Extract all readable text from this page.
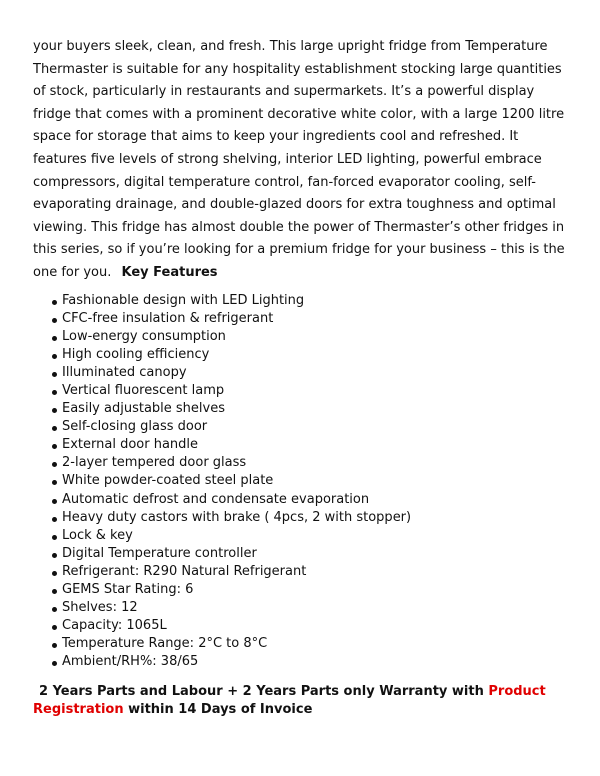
your buyers sleek, clean, and fresh. This large upright fridge from Temperature Thermaster is suitable for any hospitality establishment stocking large quantities of stock, particularly in restaurants and supermarkets. It’s a powerful display fridge that comes with a prominent decorative white color, with a large 1200 litre space for storage that aims to keep your ingredients cool and refreshed. It features five levels of strong shelving, interior LED lighting, powerful embrace compressors, digital temperature control, fan-forced evaporator cooling, self-evaporating drainage, and double-glazed doors for extra toughness and optimal viewing. This fridge has almost double the power of Thermaster’s other fridges in this series, so if you’re looking for a premium fridge for your business – this is the one for you. Key Features

Fashionable design with LED Lighting
CFC-free insulation & refrigerant
Low-energy consumption
High cooling efficiency
Illuminated canopy
Vertical fluorescent lamp
Easily adjustable shelves
Self-closing glass door
External door handle
2-layer tempered door glass
White powder-coated steel plate
Automatic defrost and condensate evaporation
Heavy duty castors with brake ( 4pcs, 2 with stopper)
Lock & key
Digital Temperature controller
Refrigerant: R290 Natural Refrigerant
GEMS Star Rating: 6
Shelves: 12
Capacity: 1065L
Temperature Range: 2°C to 8°C
Ambient/RH%: 38/65

2 Years Parts and Labour + 2 Years Parts only Warranty with Product Registration within 14 Days of Invoice
